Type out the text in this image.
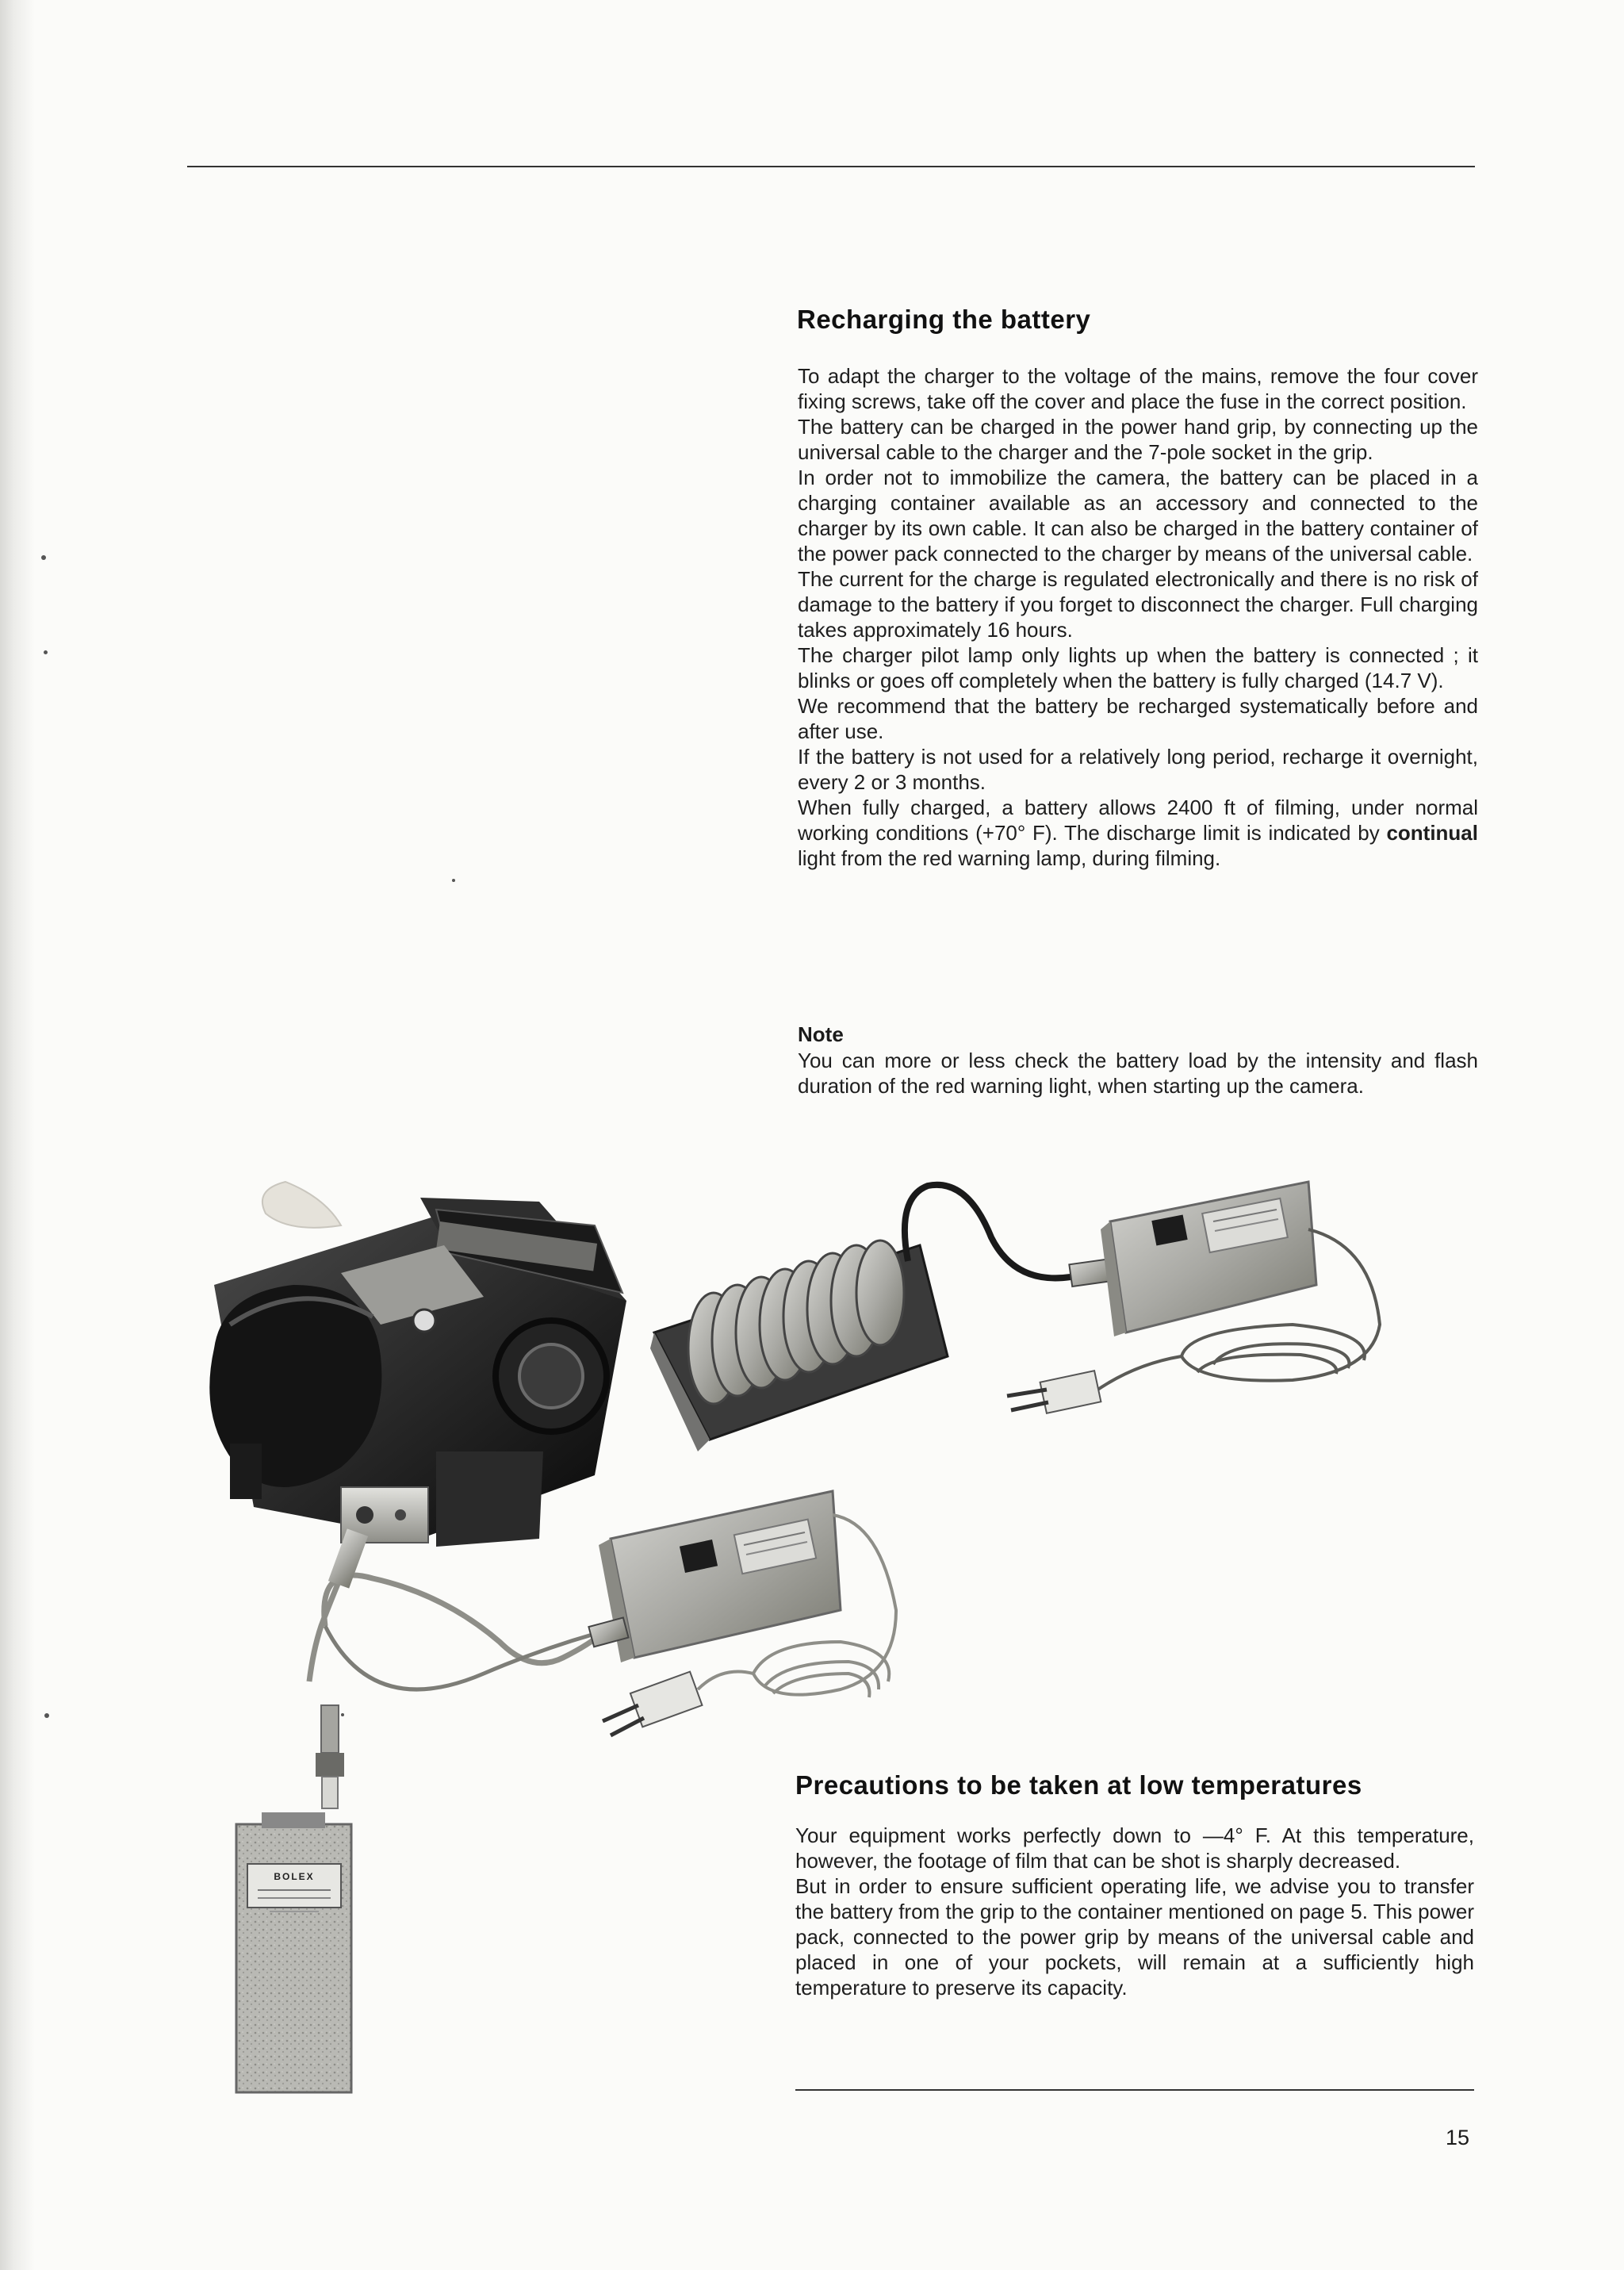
Recharging the battery

To adapt the charger to the voltage of the mains, remove the four cover fixing screws, take off the cover and place the fuse in the correct position.

The battery can be charged in the power hand grip, by connecting up the universal cable to the charger and the 7-pole socket in the grip.

In order not to immobilize the camera, the battery can be placed in a charging container available as an accessory and connected to the charger by its own cable. It can also be charged in the battery container of the power pack connected to the charger by means of the universal cable.

The current for the charge is regulated electronically and there is no risk of damage to the battery if you forget to disconnect the charger. Full charging takes approximately 16 hours.

The charger pilot lamp only lights up when the battery is connected ; it blinks or goes off completely when the battery is fully charged (14.7 V).

We recommend that the battery be recharged systematically before and after use.

If the battery is not used for a relatively long period, recharge it overnight, every 2 or 3 months.

When fully charged, a battery allows 2400 ft of filming, under normal working conditions (+70° F). The discharge limit is indicated by continual light from the red warning lamp, during filming.

Note

You can more or less check the battery load by the intensity and flash duration of the red warning light, when starting up the camera.

BOLEX
Precautions to be taken at low temperatures

Your equipment works perfectly down to —4° F. At this temperature, however, the footage of film that can be shot is sharply decreased.

But in order to ensure sufficient operating life, we advise you to transfer the battery from the grip to the container mentioned on page 5. This power pack, connected to the power grip by means of the universal cable and placed in one of your pockets, will remain at a sufficiently high temperature to preserve its capacity.

15
